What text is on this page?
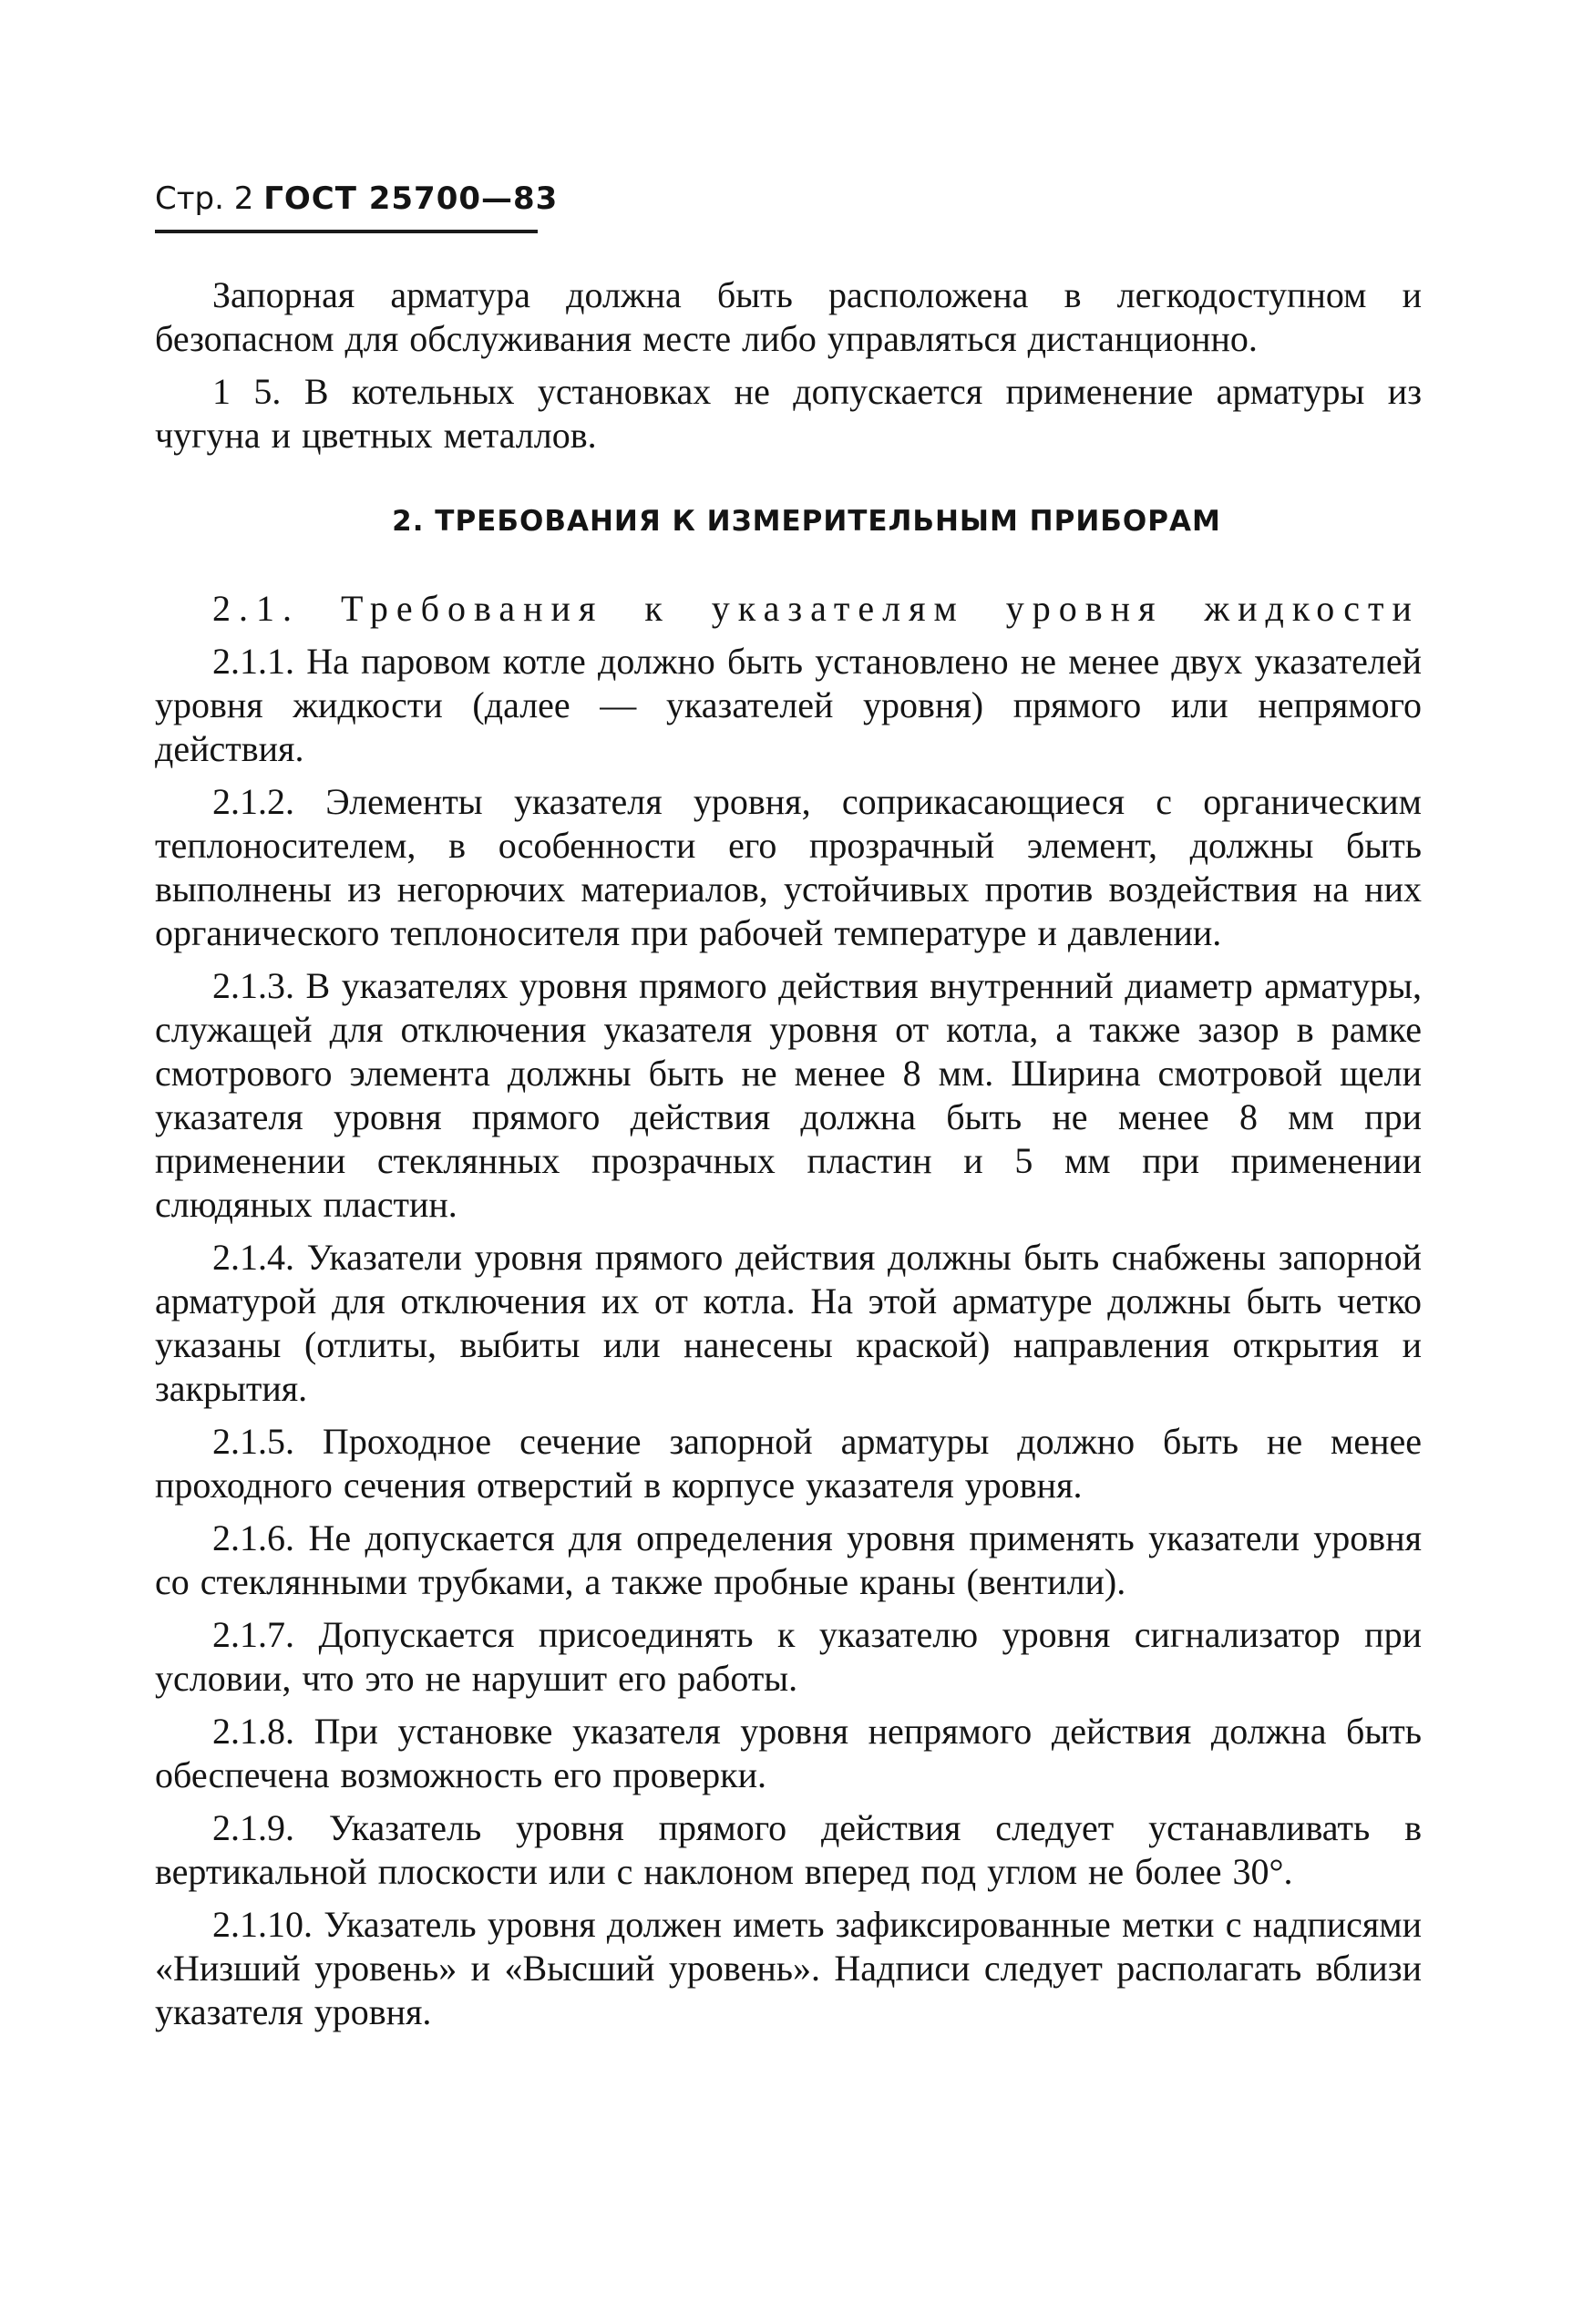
Стр. 2 ГОСТ 25700—83

Запорная арматура должна быть расположена в легкодоступном и безопасном для обслуживания месте либо управляться дистанционно.

1 5. В котельных установках не допускается применение арматуры из чугуна и цветных металлов.

2. ТРЕБОВАНИЯ К ИЗМЕРИТЕЛЬНЫМ ПРИБОРАМ

2.1. Требования к указателям уровня жидкости

2.1.1. На паровом котле должно быть установлено не менее двух указателей уровня жидкости (далее — указателей уровня) прямого или непрямого действия.

2.1.2. Элементы указателя уровня, соприкасающиеся с органическим теплоносителем, в особенности его прозрачный элемент, должны быть выполнены из негорючих материалов, устойчивых против воздействия на них органического теплоносителя при рабочей температуре и давлении.

2.1.3. В указателях уровня прямого действия внутренний диаметр арматуры, служащей для отключения указателя уровня от котла, а также зазор в рамке смотрового элемента должны быть не менее 8 мм. Ширина смотровой щели указателя уровня прямого действия должна быть не менее 8 мм при применении стеклянных прозрачных пластин и 5 мм при применении слюдяных пластин.

2.1.4. Указатели уровня прямого действия должны быть снабжены запорной арматурой для отключения их от котла. На этой арматуре должны быть четко указаны (отлиты, выбиты или нанесены краской) направления открытия и закрытия.

2.1.5. Проходное сечение запорной арматуры должно быть не менее проходного сечения отверстий в корпусе указателя уровня.

2.1.6. Не допускается для определения уровня применять указатели уровня со стеклянными трубками, а также пробные краны (вентили).

2.1.7. Допускается присоединять к указателю уровня сигнализатор при условии, что это не нарушит его работы.

2.1.8. При установке указателя уровня непрямого действия должна быть обеспечена возможность его проверки.

2.1.9. Указатель уровня прямого действия следует устанавливать в вертикальной плоскости или с наклоном вперед под углом не более 30°.

2.1.10. Указатель уровня должен иметь зафиксированные метки с надписями «Низший уровень» и «Высший уровень». Надписи следует располагать вблизи указателя уровня.
